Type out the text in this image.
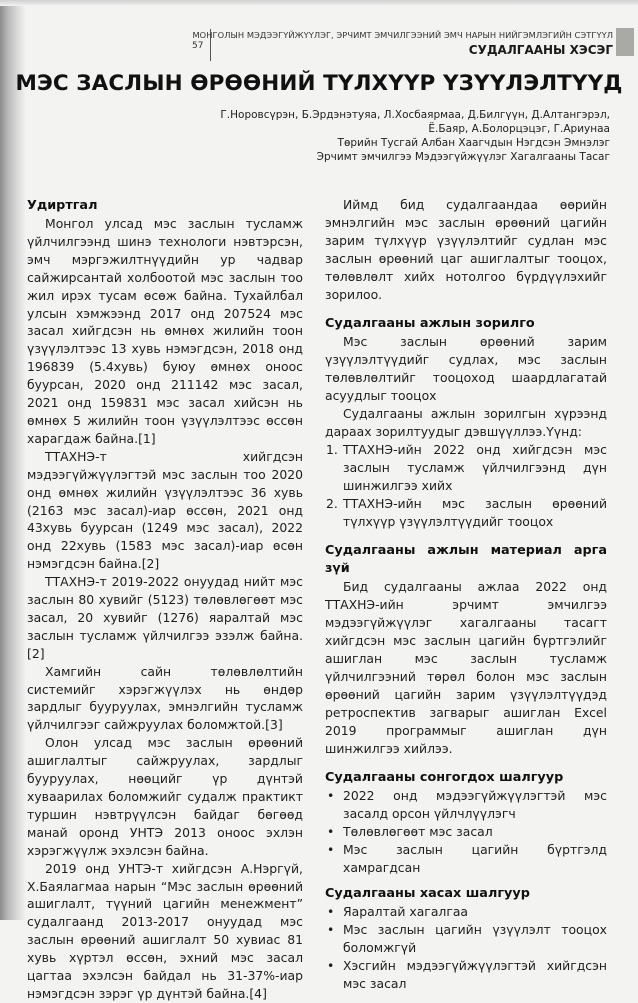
57
МОНГОЛЫН МЭДЭЭГҮЙЖҮҮЛЭГ, ЭРЧИМТ ЭМЧИЛГЭЭНИЙ ЭМЧ НАРЫН НИЙГЭМЛЭГИЙН СЭТГҮҮЛ
СУДАЛГААНЫ ХЭСЭГ
МЭС ЗАСЛЫН ӨРӨӨНИЙ ТҮЛХҮҮР ҮЗҮҮЛЭЛТҮҮД
Г.Норовсүрэн, Б.Эрдэнэтуяа, Л.Хосбаярмаа, Д.Билгүүн, Д.Алтангэрэл,
Ё.Баяр, А.Болорцэцэг, Г.Ариунаа
Төрийн Тусгай Албан Хаагчдын Нэгдсэн Эмнэлэг
Эрчимт эмчилгээ Мэдээгүйжүүлэг Хагалгааны Тасаг
Удиртгал

Монгол улсад мэс заслын тусламж үйлчилгээнд шинэ технологи нэвтэрсэн, эмч мэргэжилтнүүдийн ур чадвар сайжирсантай холбоотой мэс заслын тоо жил ирэх тусам өсөж байна. Тухайлбал улсын хэмжээнд 2017 онд 207524 мэс засал хийгдсэн нь өмнөх жилийн тоон үзүүлэлтээс 13 хувь нэмэгдсэн, 2018 онд 196839 (5.4хувь) буюу өмнөх оноос буурсан, 2020 онд 211142 мэс засал, 2021 онд 159831 мэс засал хийсэн нь өмнөх 5 жилийн тоон үзүүлэлтээс өссөн харагдаж байна.[1]

ТТАХНЭ-т хийгдсэн мэдээгүйжүүлэгтэй мэс заслын тоо 2020 онд өмнөх жилийн үзүүлэлтээс 36 хувь (2163 мэс засал)-иар өссөн, 2021 онд 43хувь буурсан (1249 мэс засал), 2022 онд 22хувь (1583 мэс засал)-иар өсөн нэмэгдсэн байна.[2]

ТТАХНЭ-т 2019-2022 онуудад нийт мэс заслын 80 хувийг (5123) төлөвлөгөөт мэс засал, 20 хувийг (1276) яаралтай мэс заслын тусламж үйлчилгээ эзэлж байна. [2]

Хамгийн сайн төлөвлөлтийн системийг хэрэгжүүлэх нь өндөр зардлыг бууруулах, эмнэлгийн тусламж үйлчилгээг сайжруулах боломжтой.[3]

Олон улсад мэс заслын өрөөний ашиглалтыг сайжруулах, зардлыг бууруулах, нөөцийг үр дүнтэй хуваарилах боломжийг судалж практикт туршин нэвтрүүлсэн байдаг бөгөөд манай оронд УНТЭ 2013 оноос эхлэн хэрэгжүүлж эхэлсэн байна.

2019 онд УНТЭ-т хийгдсэн А.Нэргүй, Х.Баялагмаа нарын “Мэс заслын өрөөний ашиглалт, түүний цагийн менежмент” судалгаанд 2013-2017 онуудад мэс заслын өрөөний ашиглалт 50 хувиас 81 хувь хүртэл өссөн, эхний мэс засал цагтаа эхэлсэн байдал нь 31-37%-иар нэмэгдсэн зэрэг үр дүнтэй байна.[4]

Иймд бид судалгаандаа өөрийн эмнэлгийн мэс заслын өрөөний цагийн зарим түлхүүр үзүүлэлтийг судлан мэс заслын өрөөний цаг ашиглалтыг тооцох, төлөвлөлт хийх нотолгоо бүрдүүлэхийг зорилоо.

Судалгааны ажлын зорилго

Мэс заслын өрөөний зарим үзүүлэлтүүдийг судлах, мэс заслын төлөвлөлтийг тооцоход шаардлагатай асуудлыг тооцох

Судалгааны ажлын зорилгын хүрээнд дараах зорилтуудыг дэвшүүллээ.Үүнд:

1. ТТАХНЭ-ийн 2022 онд хийгдсэн мэс заслын тусламж үйлчилгээнд дүн шинжилгээ хийх
2. ТТАХНЭ-ийн мэс заслын өрөөний түлхүүр үзүүлэлтүүдийг тооцох
Судалгааны ажлын материал арга зүй

Бид судалгааны ажлаа 2022 онд ТТАХНЭ-ийн эрчимт эмчилгээ мэдээгүйжүүлэг хагалгааны тасагт хийгдсэн мэс заслын цагийн бүртгэлийг ашиглан мэс заслын тусламж үйлчилгээний төрөл болон мэс заслын өрөөний цагийн зарим үзүүлэлтүүдэд ретроспектив загварыг ашиглан Excel 2019 программыг ашиглан дүн шинжилгээ хийлээ.

Судалгааны сонгогдох шалгуур
• 2022 онд мэдээгүйжүүлэгтэй мэс засалд орсон үйлчлүүлэгч
• Төлөвлөгөөт мэс засал
• Мэс заслын цагийн бүртгэлд хамрагдсан
Судалгааны хасах шалгуур
• Яаралтай хагалгаа
• Мэс заслын цагийн үзүүлэлт тооцох боломжгүй
• Хэсгийн мэдээгүйжүүлэгтэй хийгдсэн мэс засал
